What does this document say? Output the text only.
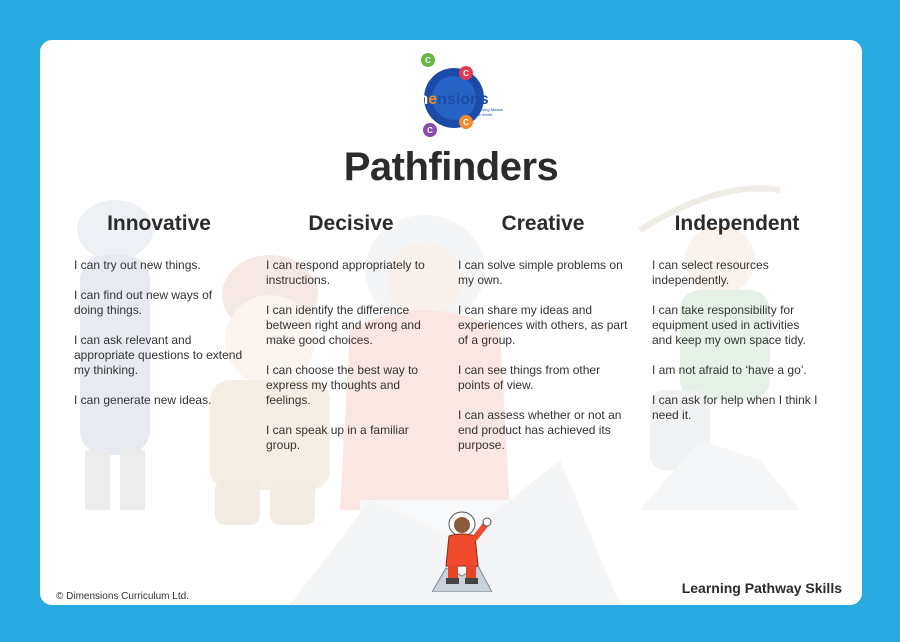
C
C
C
C
Dimensions
Learning Means
The World
Pathfinders
Innovative

I can try out new things.

I can find out new ways of doing things.

I can ask relevant and appropriate questions to extend my thinking.

I can generate new ideas.

Decisive

I can respond appropriately to instructions.

I can identify the difference between right and wrong and make good choices.

I can choose the best way to express my thoughts and feelings.

I can speak up in a familiar group.

Creative

I can solve simple problems on my own.

I can share my ideas and experiences with others, as part of a group.

I can see things from other points of view.

I can assess whether or not an end product has achieved its purpose.

Independent

I can select resources independently.

I can take responsibility for equipment used in activities and keep my own space tidy.

I am not afraid to ‘have a go’.

I can ask for help when I think I need it.

© Dimensions Curriculum Ltd.
Learning Pathway Skills
